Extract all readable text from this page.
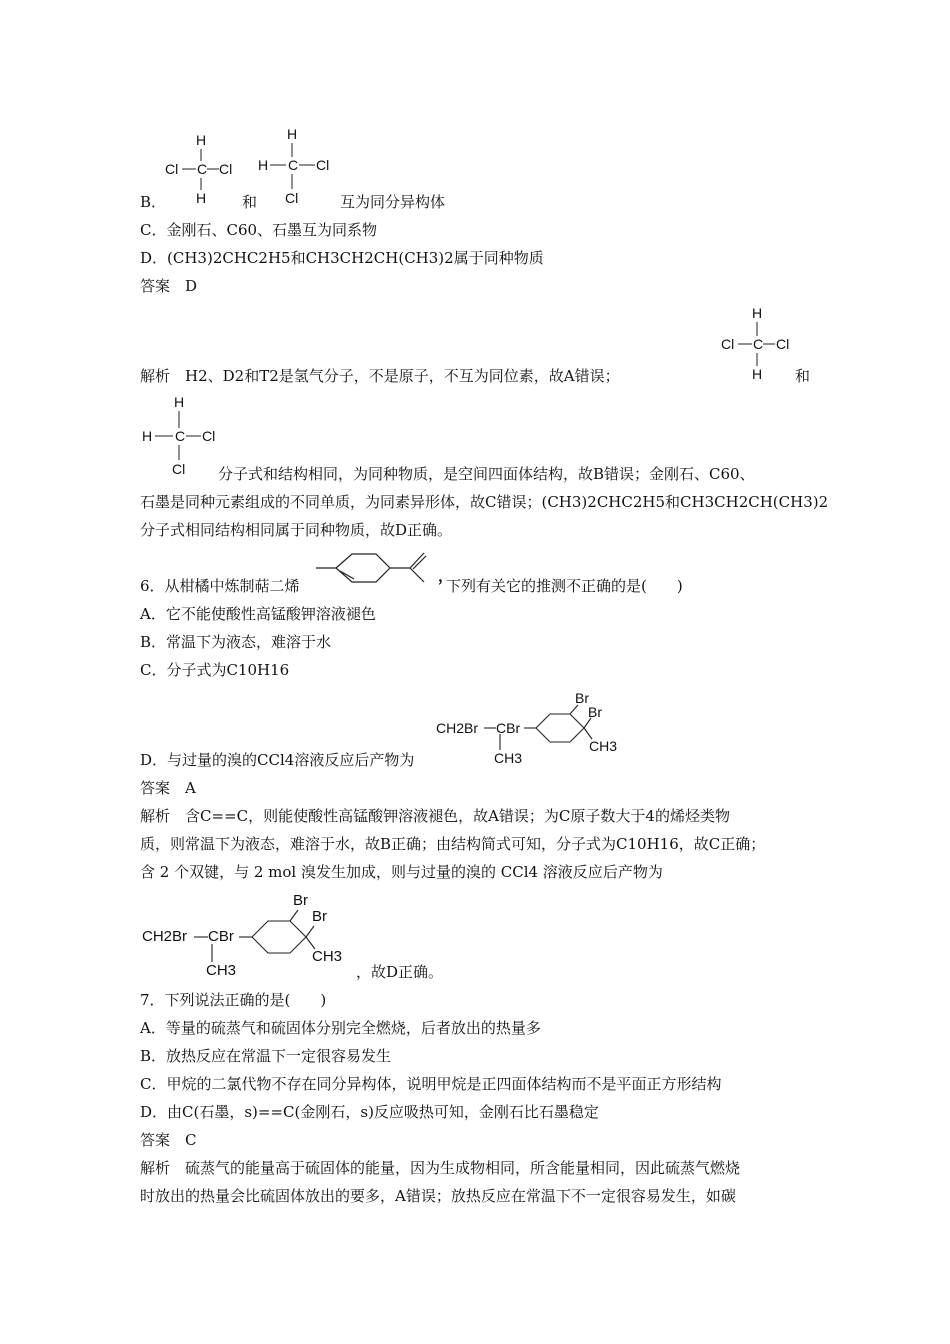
H
Cl C Cl
H
H
H C Cl
Cl
B．	和	互为同分异构体
C．金刚石、C60、石墨互为同系物
D．(CH3)2CHC2H5和CH3CH2CH(CH3)2属于同种物质
答案　D
H
Cl C Cl
H
解析　H2、D2和T2是氢气分子，不是原子，不互为同位素，故A错误；	和
H
H C Cl
Cl 分子式和结构相同，为同种物质，是空间四面体结构，故B错误；金刚石、C60、
石墨是同种元素组成的不同单质，为同素异形体，故C错误；(CH3)2CHC2H5和CH3CH2CH(CH3)2
分子式相同结构相同属于同种物质，故D正确。
6．从柑橘中炼制萜二烯
，
下列有关它的推测不正确的是(　　)
A．它不能使酸性高锰酸钾溶液褪色
B．常温下为液态，难溶于水
C．分子式为C10H16
CH2Br CBr
CH3
Br
Br
CH3
D．与过量的溴的CCl4溶液反应后产物为
答案　A
解析　含C==C，则能使酸性高锰酸钾溶液褪色，故A错误；为C原子数大于4的烯烃类物
质，则常温下为液态，难溶于水，故B正确；由结构简式可知，分子式为C10H16，故C正确；
含 2 个双键，与 2 mol 溴发生加成，则与过量的溴的 CCl4 溶液反应后产物为
CH2Br CBr
CH3
Br
Br
CH3
，故D正确。
7．下列说法正确的是(　　)
A．等量的硫蒸气和硫固体分别完全燃烧，后者放出的热量多
B．放热反应在常温下一定很容易发生
C．甲烷的二氯代物不存在同分异构体，说明甲烷是正四面体结构而不是平面正方形结构
D．由C(石墨，s)==C(金刚石，s)反应吸热可知，金刚石比石墨稳定
答案　C
解析　硫蒸气的能量高于硫固体的能量，因为生成物相同，所含能量相同，因此硫蒸气燃烧
时放出的热量会比硫固体放出的要多，A错误；放热反应在常温下不一定很容易发生，如碳
